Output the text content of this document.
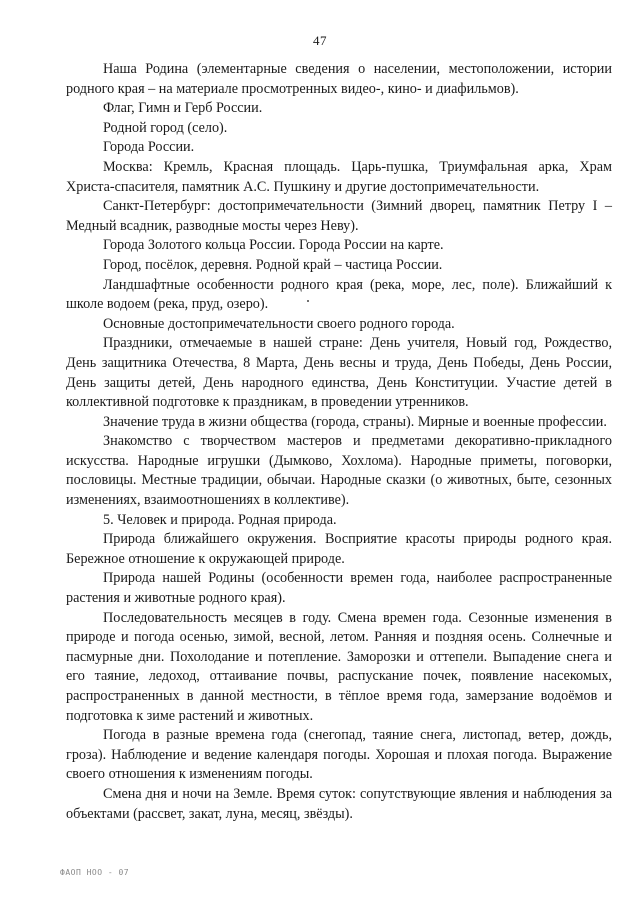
47

Наша Родина (элементарные сведения о населении, местоположении, истории родного края – на материале просмотренных видео-, кино- и диафильмов).

Флаг, Гимн и Герб России.

Родной город (село).

Города России.

Москва: Кремль, Красная площадь. Царь-пушка, Триумфальная арка, Храм Христа-спасителя, памятник А.С. Пушкину и другие достопримечательности.

Санкт-Петербург: достопримечательности (Зимний дворец, памятник Петру I – Медный всадник, разводные мосты через Неву).

Города Золотого кольца России. Города России на карте.

Город, посёлок, деревня. Родной край – частица России.

Ландшафтные особенности родного края (река, море, лес, поле). Ближайший к школе водоем (река, пруд, озеро).

Основные достопримечательности своего родного города.

Праздники, отмечаемые в нашей стране: День учителя, Новый год, Рождество, День защитника Отечества, 8 Марта, День весны и труда, День Победы, День России, День защиты детей, День народного единства, День Конституции. Участие детей в коллективной подготовке к праздникам, в проведении утренников.

Значение труда в жизни общества (города, страны). Мирные и военные профессии.

Знакомство с творчеством мастеров и предметами декоративно-прикладного искусства. Народные игрушки (Дымково, Хохлома). Народные приметы, поговорки, пословицы. Местные традиции, обычаи. Народные сказки (о животных, быте, сезонных изменениях, взаимоотношениях в коллективе).

5. Человек и природа. Родная природа.

Природа ближайшего окружения. Восприятие красоты природы родного края. Бережное отношение к окружающей природе.

Природа нашей Родины (особенности времен года, наиболее распространенные растения и животные родного края).

Последовательность месяцев в году. Смена времен года. Сезонные изменения в природе и погода осенью, зимой, весной, летом. Ранняя и поздняя осень. Солнечные и пасмурные дни. Похолодание и потепление. Заморозки и оттепели. Выпадение снега и его таяние, ледоход, оттаивание почвы, распускание почек, появление насекомых, распространенных в данной местности, в тёплое время года, замерзание водоёмов и подготовка к зиме растений и животных.

Погода в разные времена года (снегопад, таяние снега, листопад, ветер, дождь, гроза). Наблюдение и ведение календаря погоды. Хорошая и плохая погода. Выражение своего отношения к изменениям погоды.

Смена дня и ночи на Земле. Время суток: сопутствующие явления и наблюдения за объектами (рассвет, закат, луна, месяц, звёзды).

ФАОП НОО - 07
